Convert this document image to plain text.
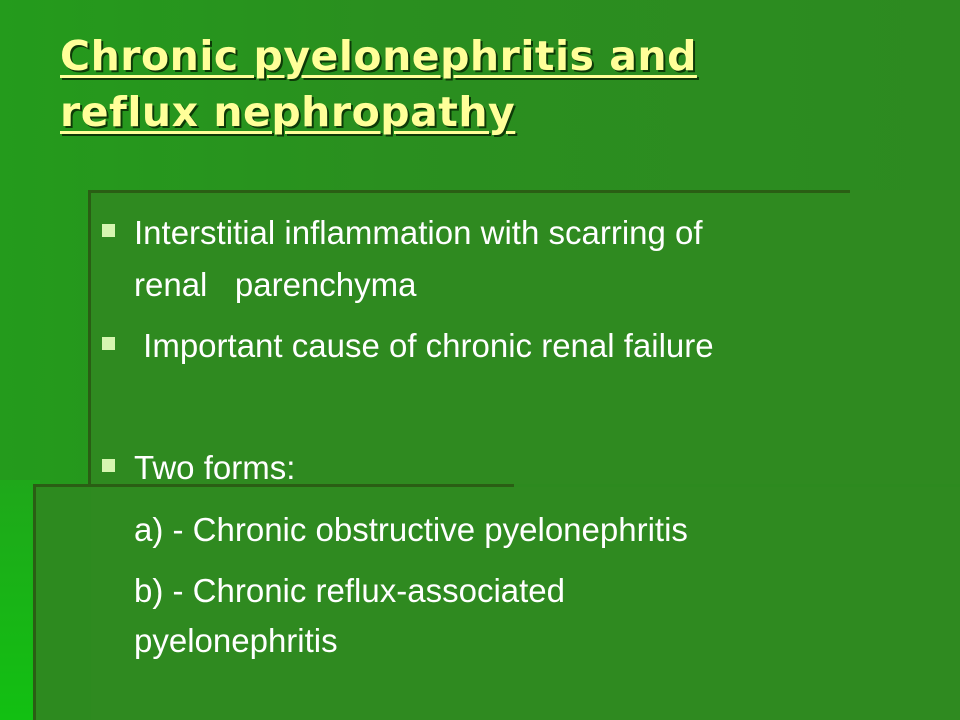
Chronic pyelonephritis and
reflux nephropathy
Interstitial inflammation with scarring of
renal   parenchyma
Important cause of chronic renal failure
Two forms:
a) - Chronic obstructive pyelonephritis
b) - Chronic reflux-associated
pyelonephritis
